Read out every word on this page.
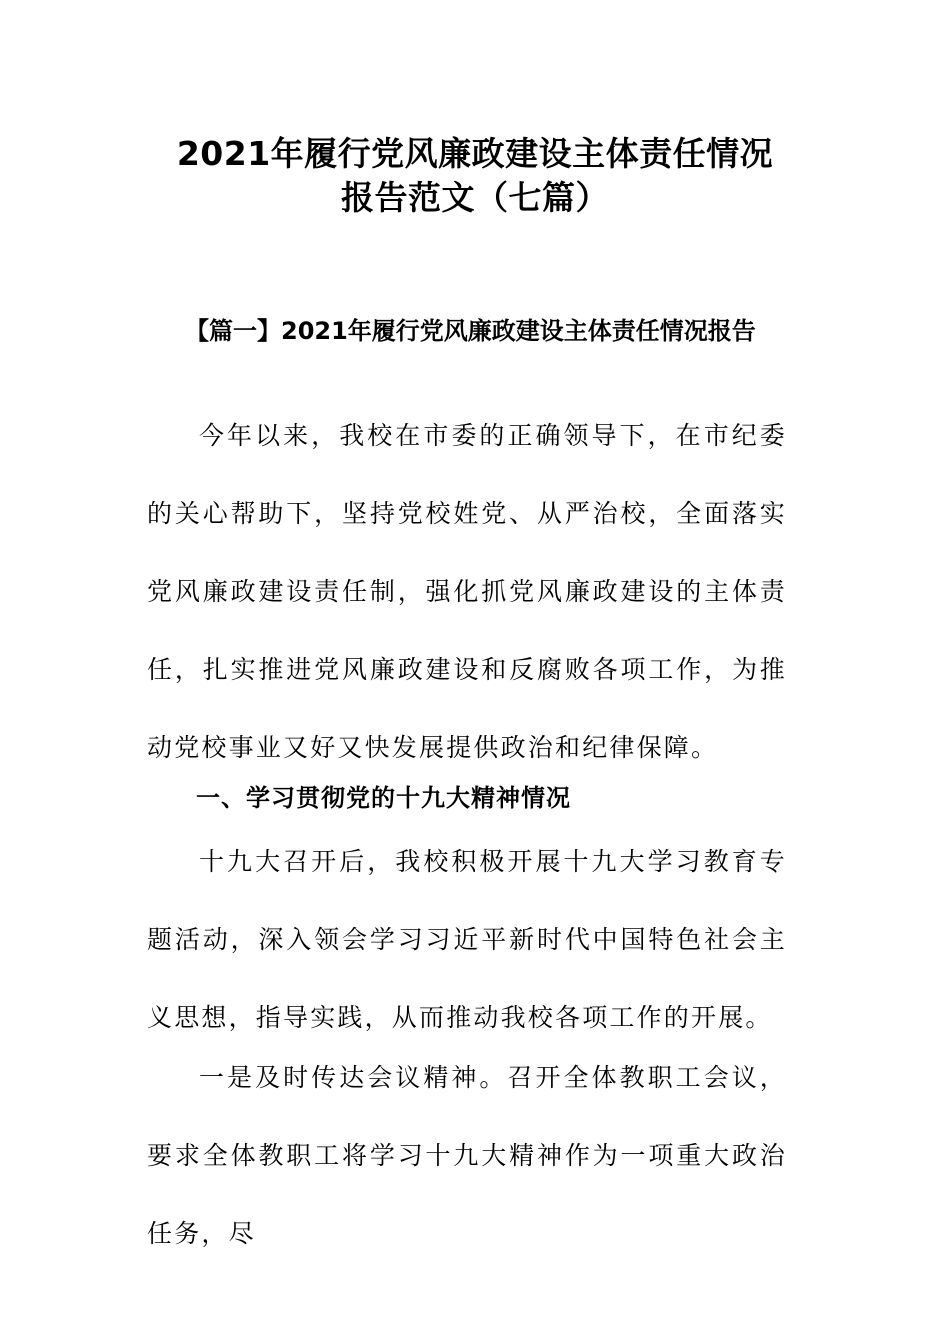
2021年履行党风廉政建设主体责任情况
报告范文（七篇）
【篇一】2021年履行党风廉政建设主体责任情况报告

今年以来，我校在市委的正确领导下，在市纪委的关心帮助下，坚持党校姓党、从严治校，全面落实党风廉政建设责任制，强化抓党风廉政建设的主体责任，扎实推进党风廉政建设和反腐败各项工作，为推动党校事业又好又快发展提供政治和纪律保障。

一、学习贯彻党的十九大精神情况

十九大召开后，我校积极开展十九大学习教育专题活动，深入领会学习习近平新时代中国特色社会主义思想，指导实践，从而推动我校各项工作的开展。

一是及时传达会议精神。召开全体教职工会议，要求全体教职工将学习十九大精神作为一项重大政治任务，尽
